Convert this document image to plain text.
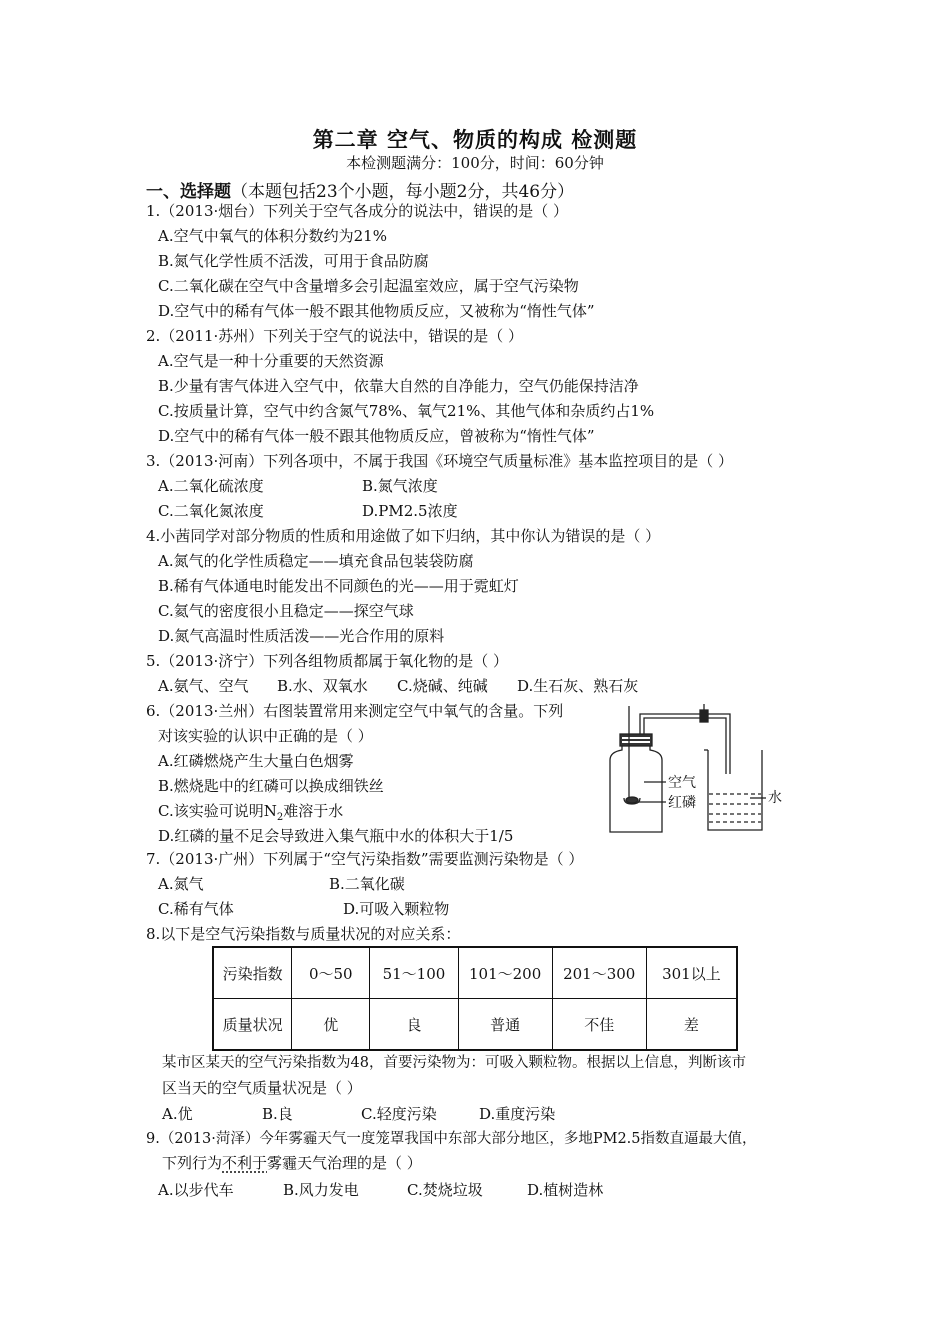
第二章 空气、物质的构成 检测题
本检测题满分：100分，时间：60分钟
一、选择题（本题包括23个小题，每小题2分，共46分）
1.（2013·烟台）下列关于空气各成分的说法中，错误的是（ ）
A.空气中氧气的体积分数约为21%
B.氮气化学性质不活泼，可用于食品防腐
C.二氧化碳在空气中含量增多会引起温室效应，属于空气污染物
D.空气中的稀有气体一般不跟其他物质反应，又被称为“惰性气体”
2.（2011·苏州）下列关于空气的说法中，错误的是（ ）
A.空气是一种十分重要的天然资源
B.少量有害气体进入空气中，依靠大自然的自净能力，空气仍能保持洁净
C.按质量计算，空气中约含氮气78%、氧气21%、其他气体和杂质约占1%
D.空气中的稀有气体一般不跟其他物质反应，曾被称为“惰性气体”
3.（2013·河南）下列各项中，不属于我国《环境空气质量标准》基本监控项目的是（ ）
A.二氧化硫浓度	B.氮气浓度
C.二氧化氮浓度	D.PM2.5浓度
4.小茜同学对部分物质的性质和用途做了如下归纳，其中你认为错误的是（ ）
A.氮气的化学性质稳定——填充食品包装袋防腐
B.稀有气体通电时能发出不同颜色的光——用于霓虹灯
C.氦气的密度很小且稳定——探空气球
D.氮气高温时性质活泼——光合作用的原料
5.（2013·济宁）下列各组物质都属于氧化物的是（ ）
A.氨气、空气 B.水、双氧水 C.烧碱、纯碱 D.生石灰、熟石灰
6.（2013·兰州）右图装置常用来测定空气中氧气的含量。下列
对该实验的认识中正确的是（ ）
A.红磷燃烧产生大量白色烟雾
B.燃烧匙中的红磷可以换成细铁丝
C.该实验可说明$N_2$难溶于水
D.红磷的量不足会导致进入集气瓶中水的体积大于1/5
空气
红磷	水
7.（2013·广州）下列属于“空气污染指数”需要监测污染物是（ ）
A.氮气	B.二氧化碳
C.稀有气体	D.可吸入颗粒物
8.以下是空气污染指数与质量状况的对应关系：
污染指数	0～50	51～100	101～200	201～300	301以上
质量状况	优	良	普通	不佳	差
某市区某天的空气污染指数为48，首要污染物为：可吸入颗粒物。根据以上信息，判断该市
区当天的空气质量状况是（ ）
A.优	B.良	C.轻度污染	D.重度污染
9.（2013·菏泽）今年雾霾天气一度笼罩我国中东部大部分地区，多地PM2.5指数直逼最大值，
下列行为不利于雾霾天气治理的是（ ）
A.以步代车	B.风力发电	C.焚烧垃圾	D.植树造林
